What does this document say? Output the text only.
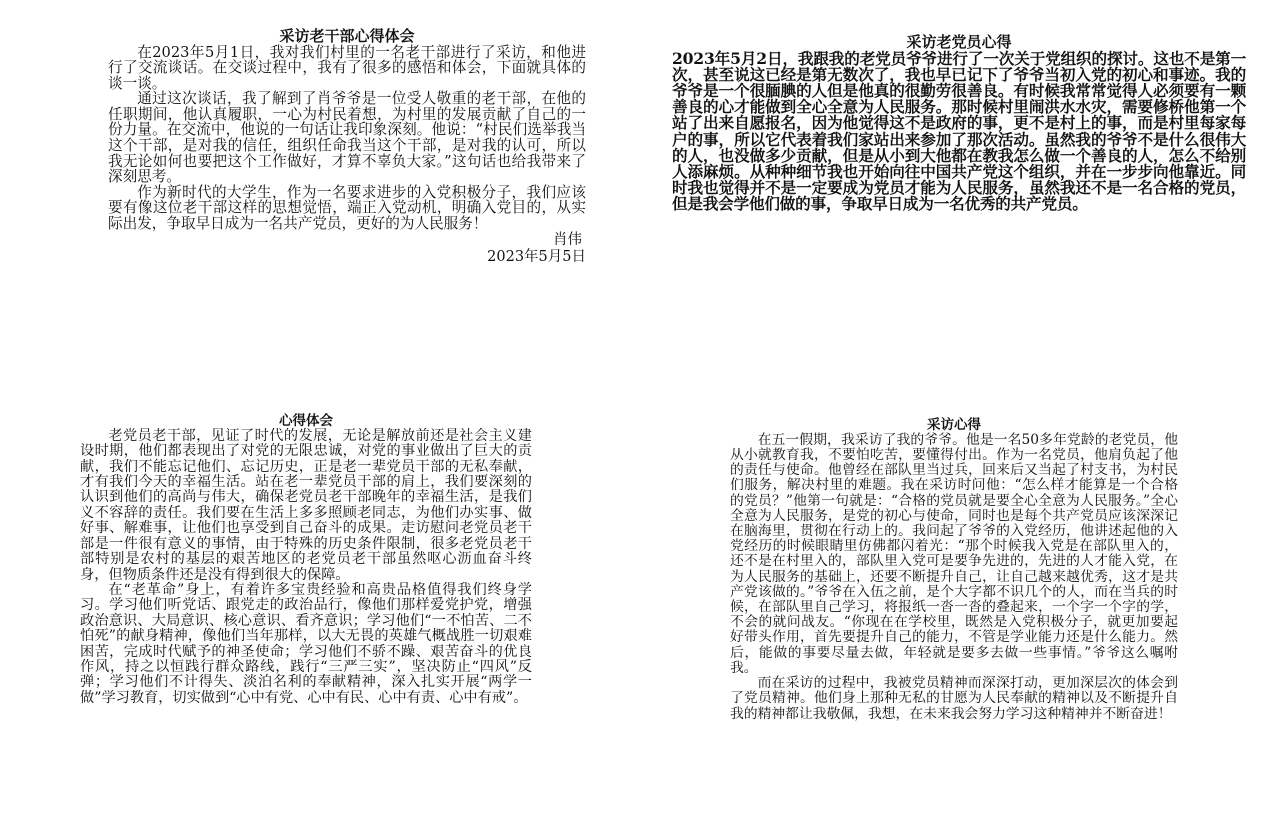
采访老干部心得体会

在2023年5月1日，我对我们村里的一名老干部进行了采访，和他进行了交流谈话。在交谈过程中，我有了很多的感悟和体会，下面就具体的谈一谈。

通过这次谈话，我了解到了肖爷爷是一位受人敬重的老干部，在他的任职期间，他认真履职，一心为村民着想，为村里的发展贡献了自己的一份力量。在交流中，他说的一句话让我印象深刻。他说：“村民们选举我当这个干部，是对我的信任，组织任命我当这个干部，是对我的认可，所以我无论如何也要把这个工作做好，才算不辜负大家。”这句话也给我带来了深刻思考。

作为新时代的大学生，作为一名要求进步的入党积极分子，我们应该要有像这位老干部这样的思想觉悟，端正入党动机，明确入党目的，从实际出发，争取早日成为一名共产党员，更好的为人民服务！

肖伟

2023年5月5日

采访老党员心得

2023年5月2日，我跟我的老党员爷爷进行了一次关于党组织的探讨。这也不是第一次，甚至说这已经是第无数次了，我也早已记下了爷爷当初入党的初心和事迹。我的爷爷是一个很腼腆的人但是他真的很勤劳很善良。有时候我常常觉得人必须要有一颗善良的心才能做到全心全意为人民服务。那时候村里闹洪水水灾，需要修桥他第一个站了出来自愿报名，因为他觉得这不是政府的事，更不是村上的事，而是村里每家每户的事，所以它代表着我们家站出来参加了那次活动。虽然我的爷爷不是什么很伟大的人，也没做多少贡献，但是从小到大他都在教我怎么做一个善良的人，怎么不给别人添麻烦。从种种细节我也开始向往中国共产党这个组织，并在一步步向他靠近。同时我也觉得并不是一定要成为党员才能为人民服务，虽然我还不是一名合格的党员，但是我会学他们做的事，争取早日成为一名优秀的共产党员。

心得体会

老党员老干部，见证了时代的发展，无论是解放前还是社会主义建设时期，他们都表现出了对党的无限忠诚，对党的事业做出了巨大的贡献，我们不能忘记他们、忘记历史，正是老一辈党员干部的无私奉献，才有我们今天的幸福生活。站在老一辈党员干部的肩上，我们要深刻的认识到他们的高尚与伟大，确保老党员老干部晚年的幸福生活，是我们义不容辞的责任。我们要在生活上多多照顾老同志，为他们办实事、做好事、解难事，让他们也享受到自己奋斗的成果。走访慰问老党员老干部是一件很有意义的事情，由于特殊的历史条件限制，很多老党员老干部特别是农村的基层的艰苦地区的老党员老干部虽然呕心沥血奋斗终身，但物质条件还是没有得到很大的保障。

在“老革命”身上，有着许多宝贵经验和高贵品格值得我们终身学习。学习他们听党话、跟党走的政治品行，像他们那样爱党护党，增强政治意识、大局意识、核心意识、看齐意识；学习他们“一不怕苦、二不怕死”的献身精神，像他们当年那样，以大无畏的英雄气概战胜一切艰难困苦，完成时代赋予的神圣使命；学习他们不骄不躁、艰苦奋斗的优良作风，持之以恒践行群众路线，践行“三严三实”，坚决防止“四风”反弹；学习他们不计得失、淡泊名利的奉献精神，深入扎实开展“两学一做”学习教育，切实做到“心中有党、心中有民、心中有责、心中有戒”。

采访心得

在五一假期，我采访了我的爷爷。他是一名50多年党龄的老党员，他从小就教育我，不要怕吃苦，要懂得付出。作为一名党员，他肩负起了他的责任与使命。他曾经在部队里当过兵，回来后又当起了村支书，为村民们服务，解决村里的难题。我在采访时问他：“怎么样才能算是一个合格的党员？”他第一句就是：“合格的党员就是要全心全意为人民服务。”全心全意为人民服务，是党的初心与使命，同时也是每个共产党员应该深深记在脑海里，贯彻在行动上的。我问起了爷爷的入党经历，他讲述起他的入党经历的时候眼睛里仿佛都闪着光：“那个时候我入党是在部队里入的，还不是在村里入的，部队里入党可是要争先进的，先进的人才能入党，在为人民服务的基础上，还要不断提升自己，让自己越来越优秀，这才是共产党该做的。”爷爷在入伍之前，是个大字都不识几个的人，而在当兵的时候，在部队里自己学习，将报纸一沓一沓的叠起来，一个字一个字的学，不会的就问战友。“你现在在学校里，既然是入党积极分子，就更加要起好带头作用，首先要提升自己的能力，不管是学业能力还是什么能力。然后，能做的事要尽量去做，年轻就是要多去做一些事情。”爷爷这么嘱咐我。

而在采访的过程中，我被党员精神而深深打动，更加深层次的体会到了党员精神。他们身上那种无私的甘愿为人民奉献的精神以及不断提升自我的精神都让我敬佩，我想，在未来我会努力学习这种精神并不断奋进！
